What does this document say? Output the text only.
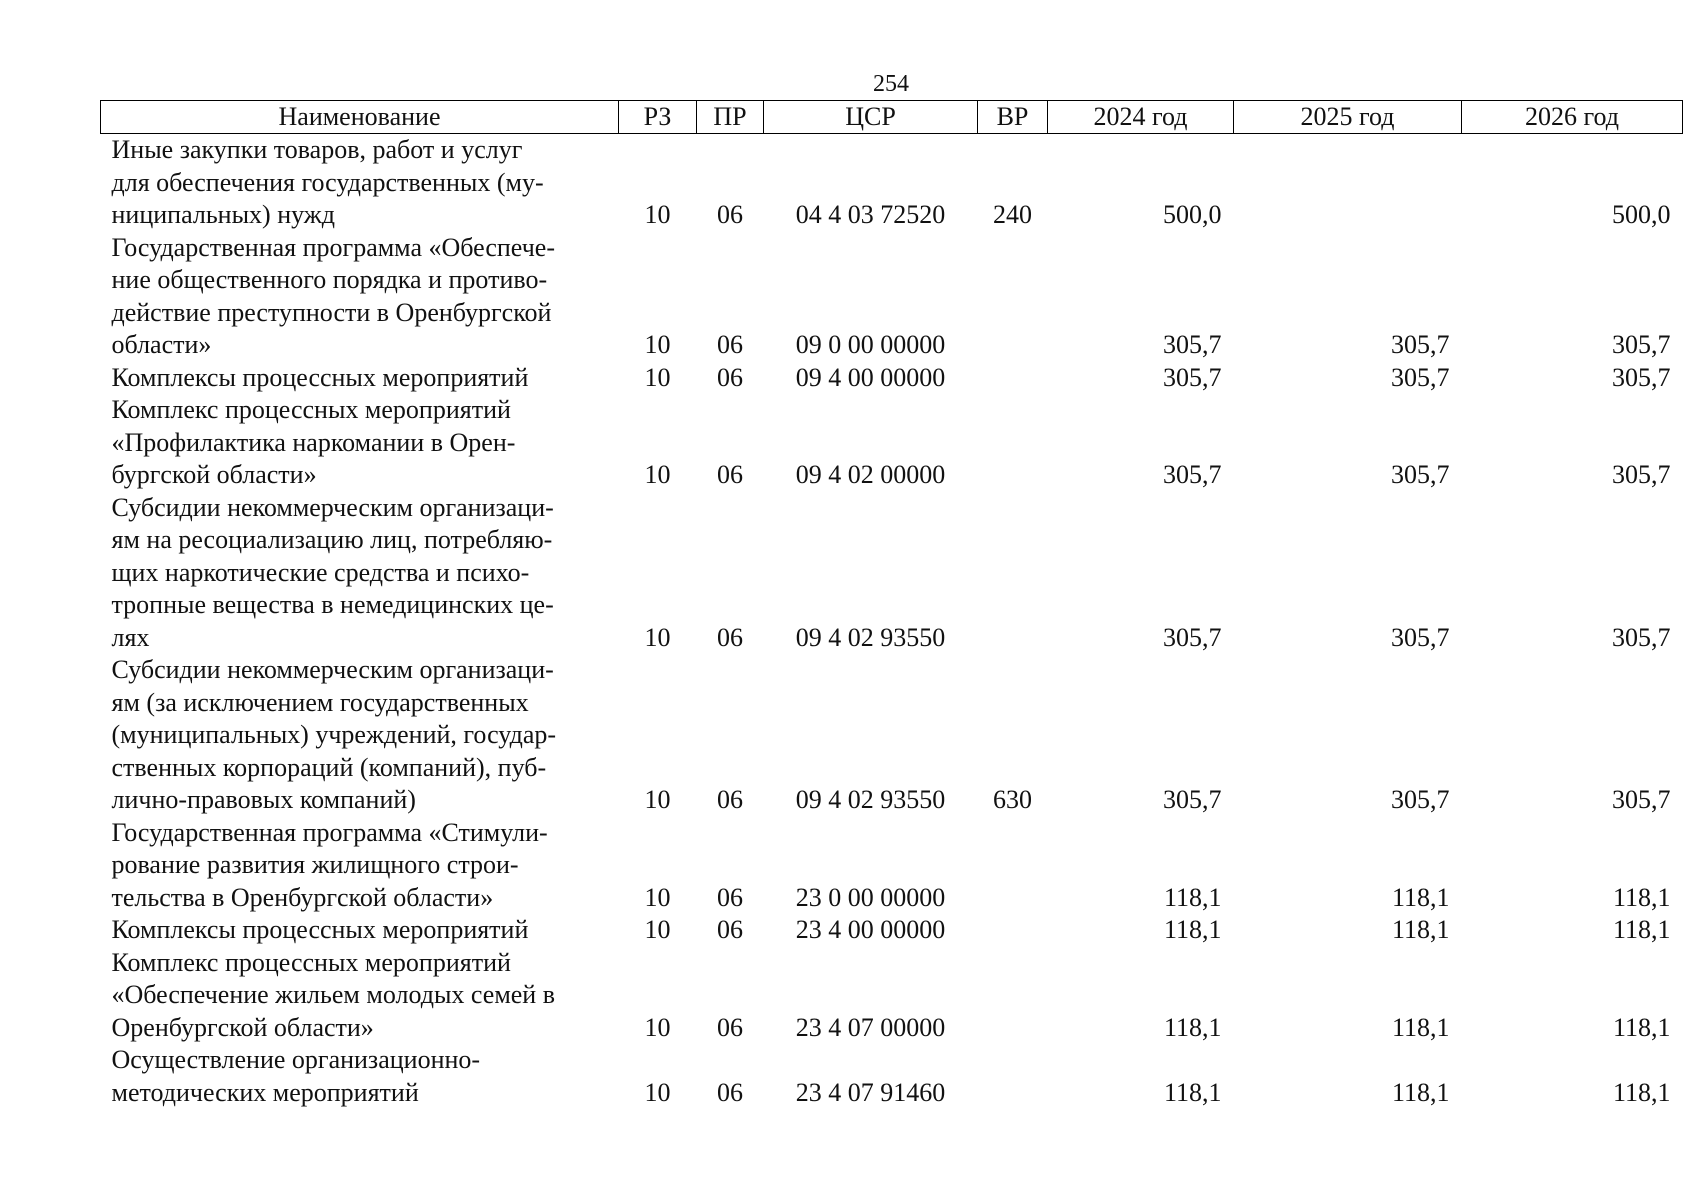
254
Наименование	РЗ	ПР	ЦСР	ВР	2024 год	2025 год	2026 год

Иные закупки товаров, работ и услуг
для обеспечения государственных (му-
ниципальных) нужд	10	06	04 4 03 72520	240	500,0		500,0

Государственная программа «Обеспече-
ние общественного порядка и противо-
действие преступности в Оренбургской
области»	10	06	09 0 00 00000		305,7	305,7	305,7

Комплексы процессных мероприятий	10	06	09 4 00 00000		305,7	305,7	305,7

Комплекс процессных мероприятий
«Профилактика наркомании в Орен-
бургской области»	10	06	09 4 02 00000		305,7	305,7	305,7

Субсидии некоммерческим организаци-
ям на ресоциализацию лиц, потребляю-
щих наркотические средства и психо-
тропные вещества в немедицинских це-
лях	10	06	09 4 02 93550		305,7	305,7	305,7

Субсидии некоммерческим организаци-
ям (за исключением государственных
(муниципальных) учреждений, государ-
ственных корпораций (компаний), пуб-
лично-правовых компаний)	10	06	09 4 02 93550	630	305,7	305,7	305,7

Государственная программа «Стимули-
рование развития жилищного строи-
тельства в Оренбургской области»	10	06	23 0 00 00000		118,1	118,1	118,1

Комплексы процессных мероприятий	10	06	23 4 00 00000		118,1	118,1	118,1

Комплекс процессных мероприятий
«Обеспечение жильем молодых семей в
Оренбургской области»	10	06	23 4 07 00000		118,1	118,1	118,1

Осуществление организационно-
методических мероприятий	10	06	23 4 07 91460		118,1	118,1	118,1
